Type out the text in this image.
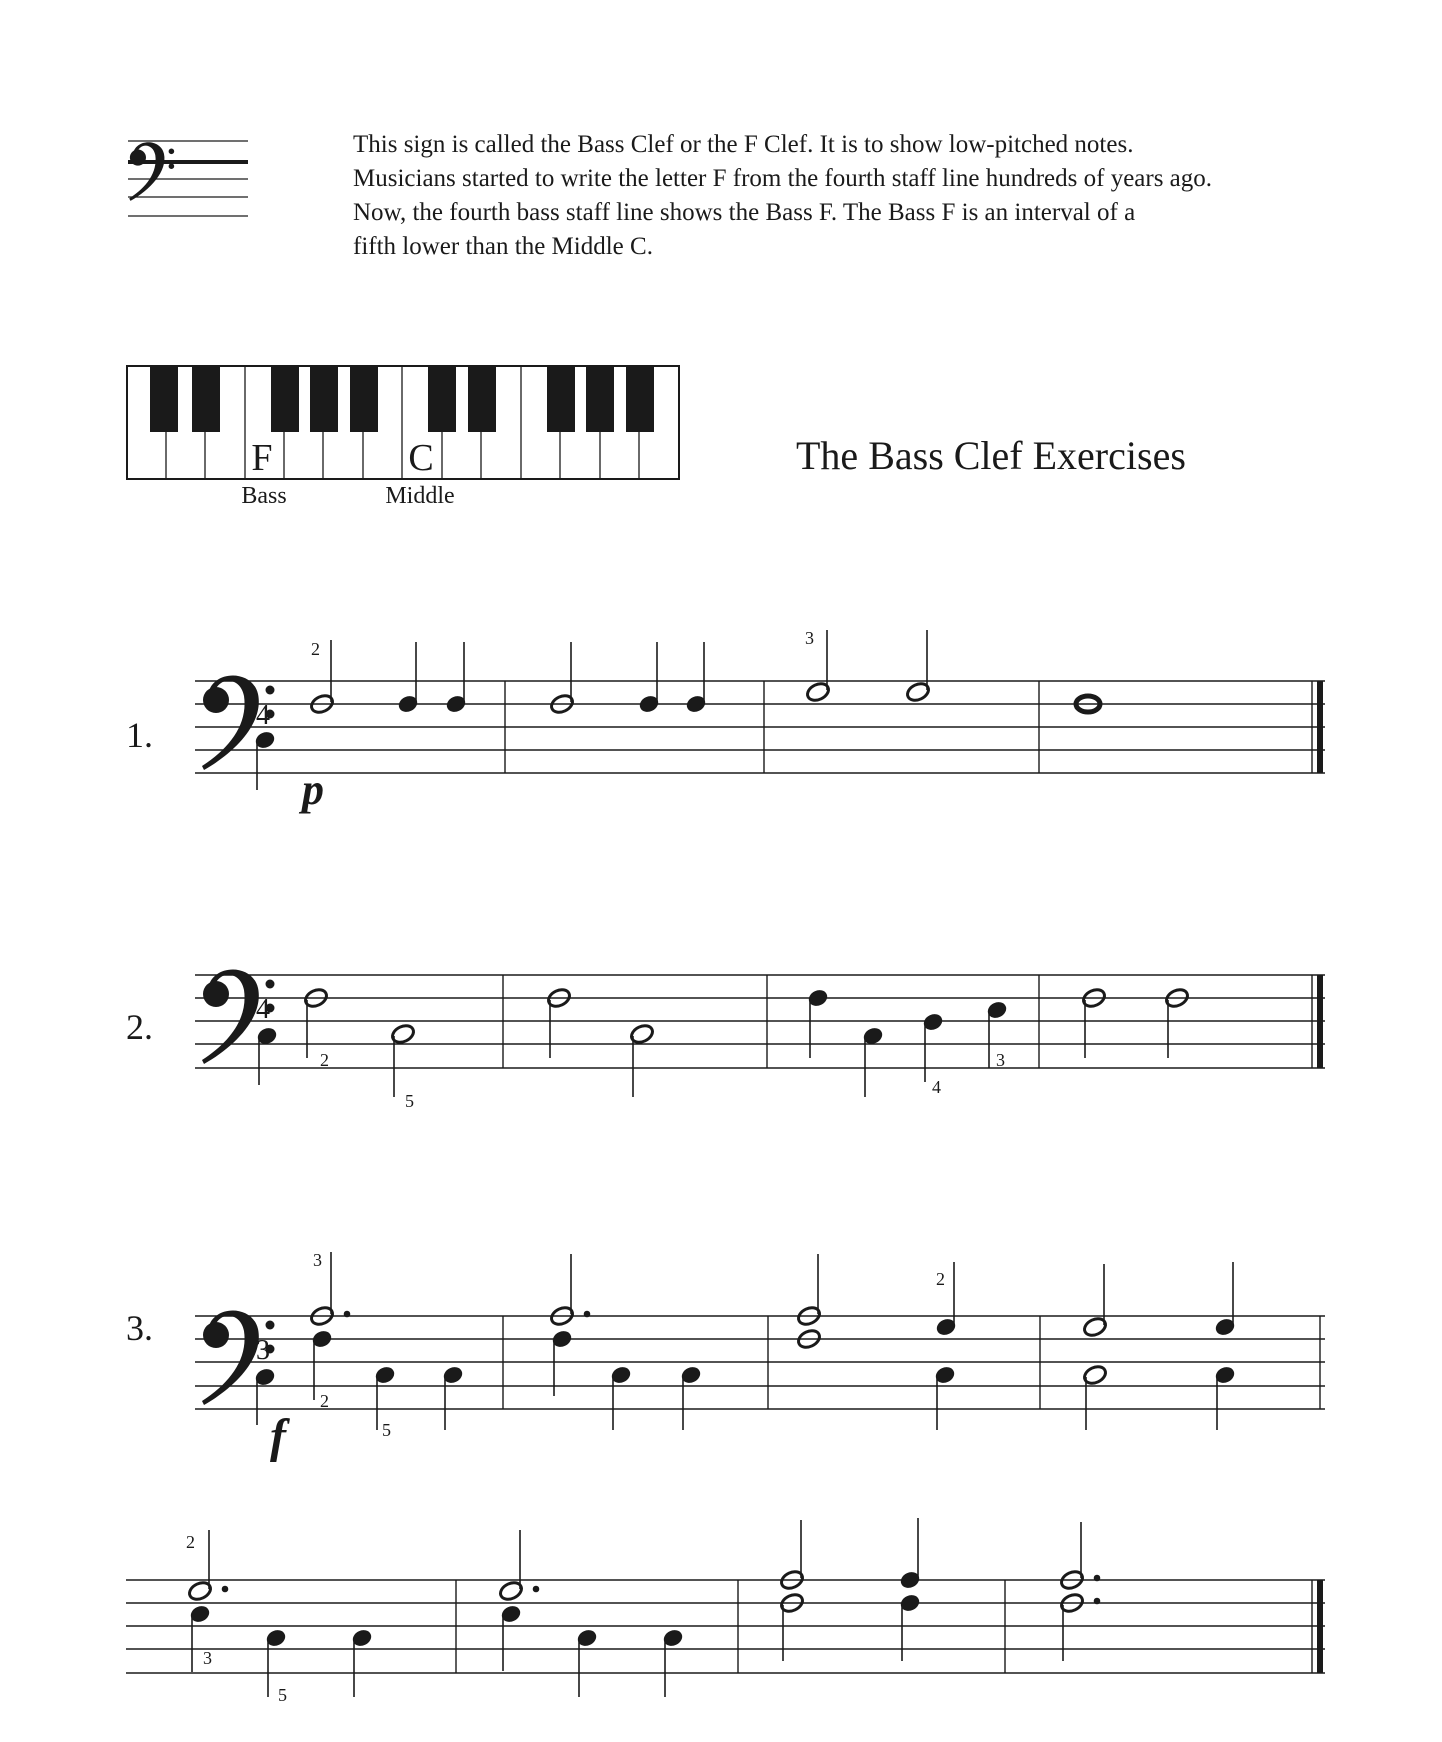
This sign is called the Bass Clef or the F Clef. It is to show low-pitched notes.
Musicians started to write the letter F from the fourth staff line hundreds of years ago.
Now, the fourth bass staff line shows the Bass F. The Bass F is an interval of a
fifth lower than the Middle C.
The Bass Clef Exercises
F	C
Bass	Middle
1.	4
p
2
3
2.	4
2
5
4
3
3.
3
f
3
2
5
2
2
3
5
